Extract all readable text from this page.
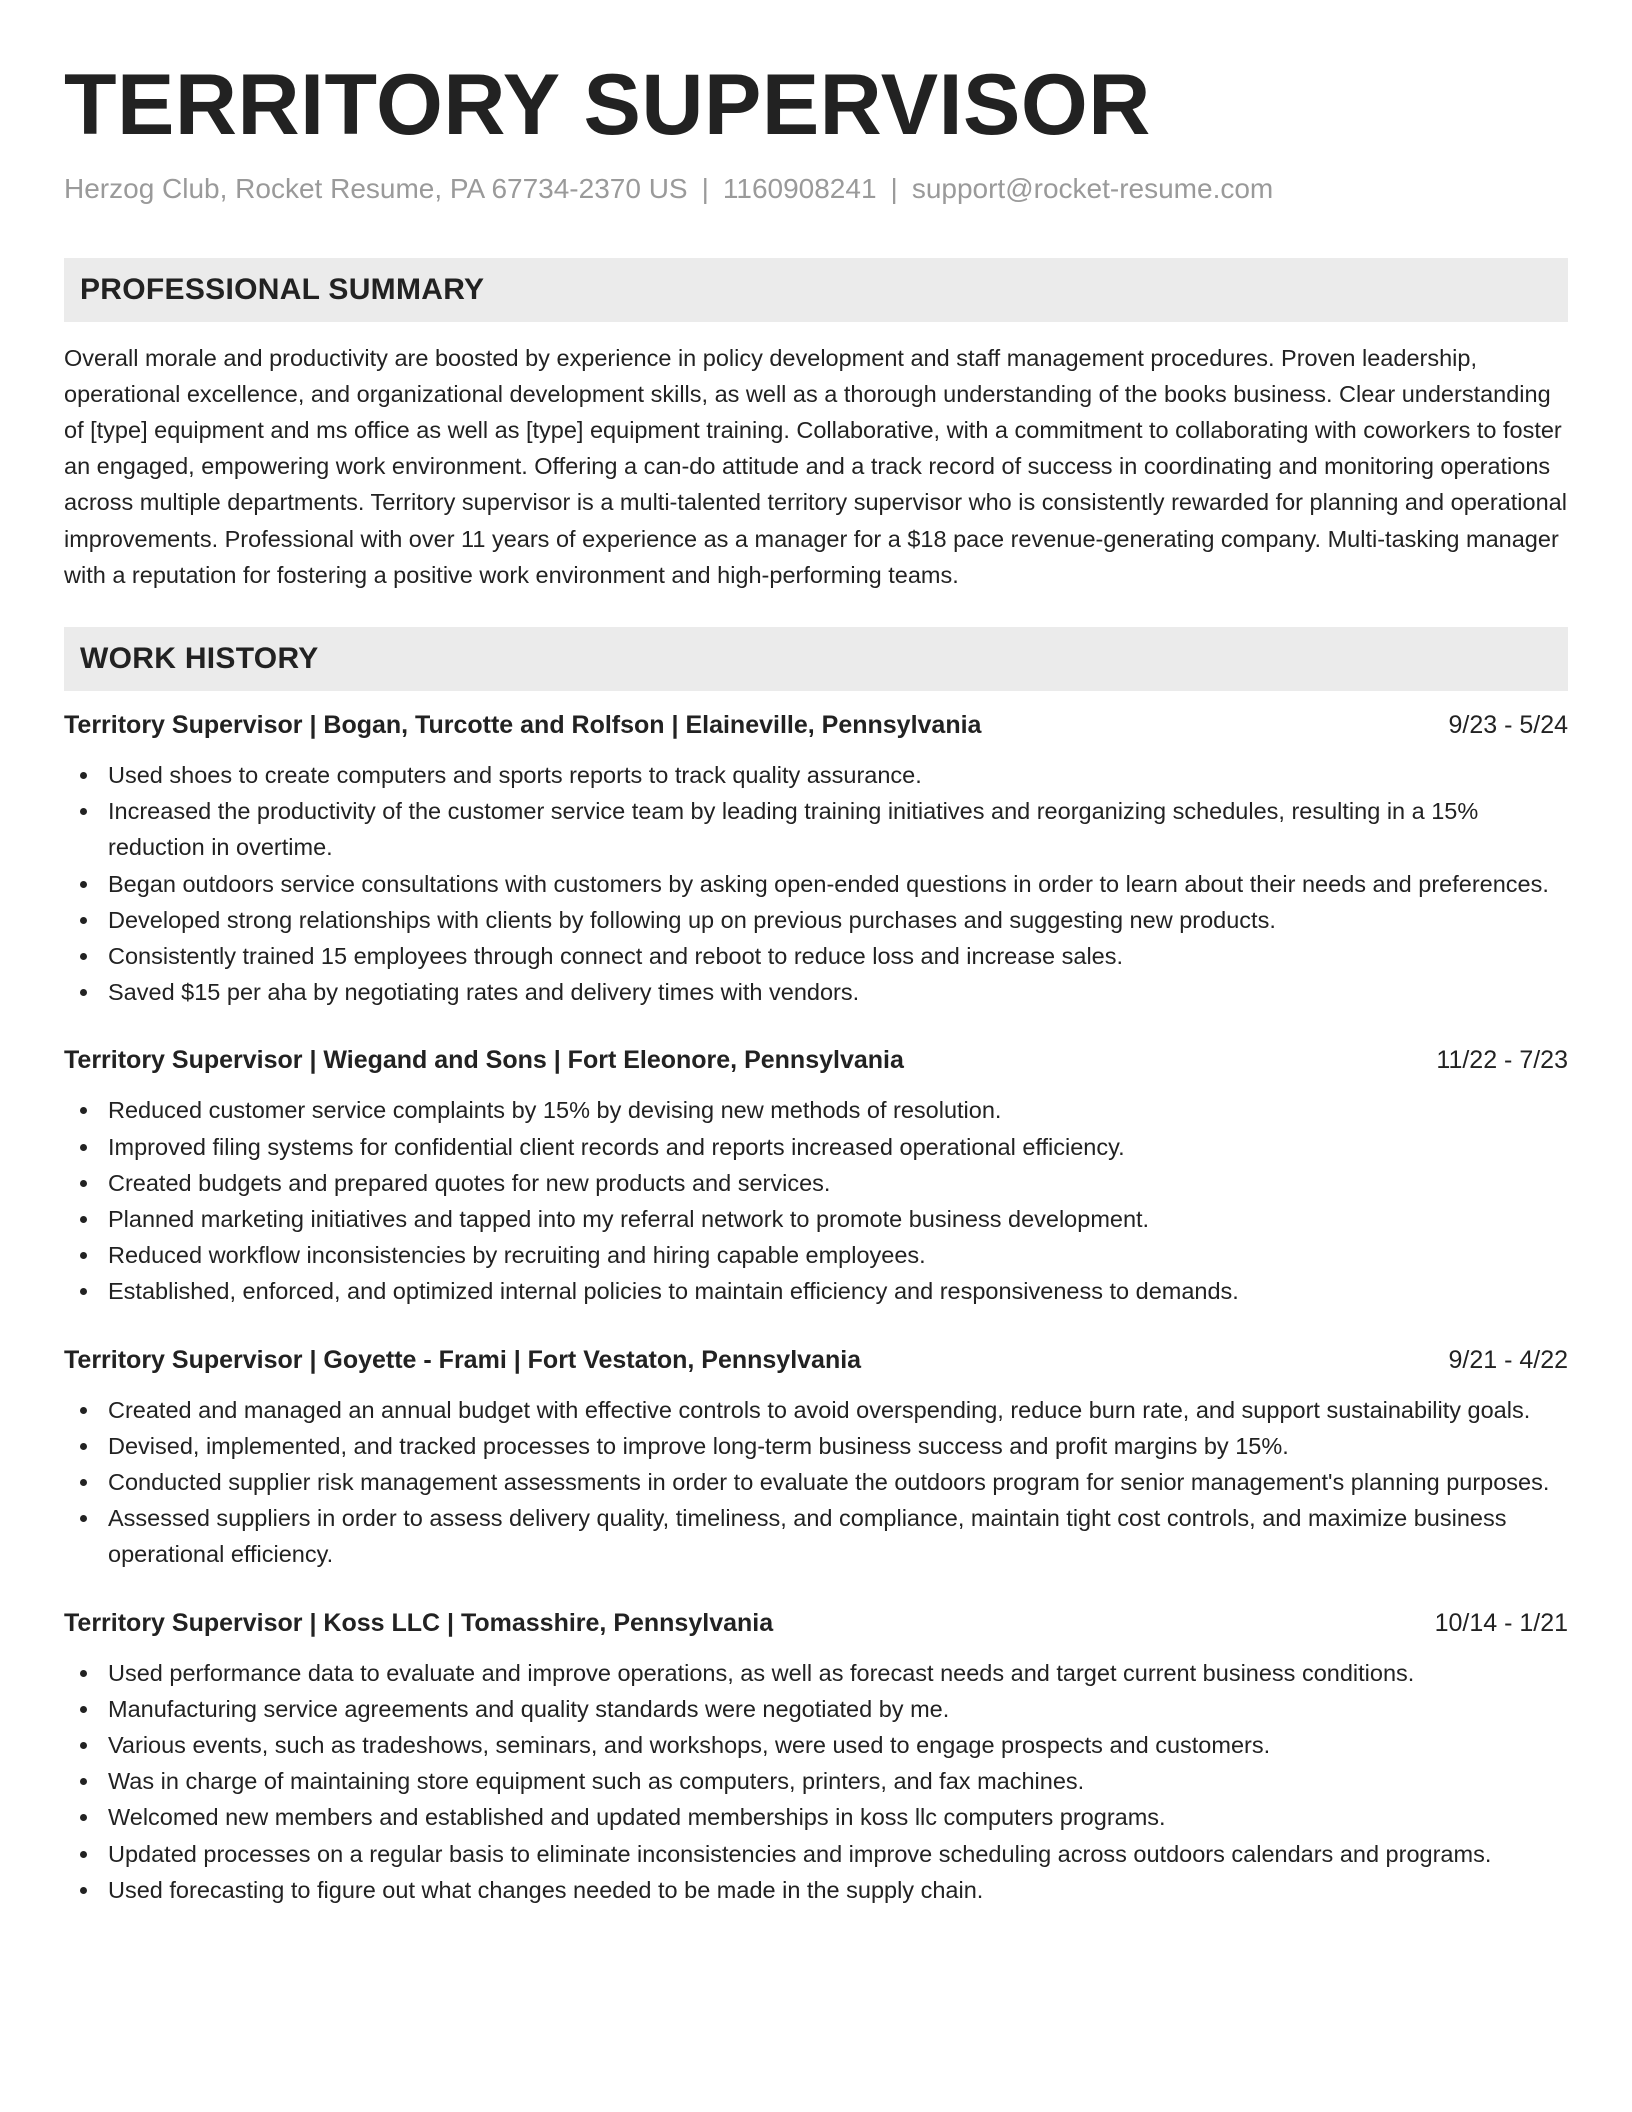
TERRITORY SUPERVISOR
Herzog Club, Rocket Resume, PA 67734-2370 US | 1160908241 | support@rocket-resume.com
PROFESSIONAL SUMMARY
Overall morale and productivity are boosted by experience in policy development and staff management procedures. Proven leadership, operational excellence, and organizational development skills, as well as a thorough understanding of the books business. Clear understanding of [type] equipment and ms office as well as [type] equipment training. Collaborative, with a commitment to collaborating with coworkers to foster an engaged, empowering work environment. Offering a can-do attitude and a track record of success in coordinating and monitoring operations across multiple departments. Territory supervisor is a multi-talented territory supervisor who is consistently rewarded for planning and operational improvements. Professional with over 11 years of experience as a manager for a $18 pace revenue-generating company. Multi-tasking manager with a reputation for fostering a positive work environment and high-performing teams.
WORK HISTORY
Territory Supervisor | Bogan, Turcotte and Rolfson | Elaineville, Pennsylvania	9/23 - 5/24
Used shoes to create computers and sports reports to track quality assurance.
Increased the productivity of the customer service team by leading training initiatives and reorganizing schedules, resulting in a 15% reduction in overtime.
Began outdoors service consultations with customers by asking open-ended questions in order to learn about their needs and preferences.
Developed strong relationships with clients by following up on previous purchases and suggesting new products.
Consistently trained 15 employees through connect and reboot to reduce loss and increase sales.
Saved $15 per aha by negotiating rates and delivery times with vendors.
Territory Supervisor | Wiegand and Sons | Fort Eleonore, Pennsylvania	11/22 - 7/23
Reduced customer service complaints by 15% by devising new methods of resolution.
Improved filing systems for confidential client records and reports increased operational efficiency.
Created budgets and prepared quotes for new products and services.
Planned marketing initiatives and tapped into my referral network to promote business development.
Reduced workflow inconsistencies by recruiting and hiring capable employees.
Established, enforced, and optimized internal policies to maintain efficiency and responsiveness to demands.
Territory Supervisor | Goyette - Frami | Fort Vestaton, Pennsylvania	9/21 - 4/22
Created and managed an annual budget with effective controls to avoid overspending, reduce burn rate, and support sustainability goals.
Devised, implemented, and tracked processes to improve long-term business success and profit margins by 15%.
Conducted supplier risk management assessments in order to evaluate the outdoors program for senior management's planning purposes.
Assessed suppliers in order to assess delivery quality, timeliness, and compliance, maintain tight cost controls, and maximize business operational efficiency.
Territory Supervisor | Koss LLC | Tomasshire, Pennsylvania	10/14 - 1/21
Used performance data to evaluate and improve operations, as well as forecast needs and target current business conditions.
Manufacturing service agreements and quality standards were negotiated by me.
Various events, such as tradeshows, seminars, and workshops, were used to engage prospects and customers.
Was in charge of maintaining store equipment such as computers, printers, and fax machines.
Welcomed new members and established and updated memberships in koss llc computers programs.
Updated processes on a regular basis to eliminate inconsistencies and improve scheduling across outdoors calendars and programs.
Used forecasting to figure out what changes needed to be made in the supply chain.
